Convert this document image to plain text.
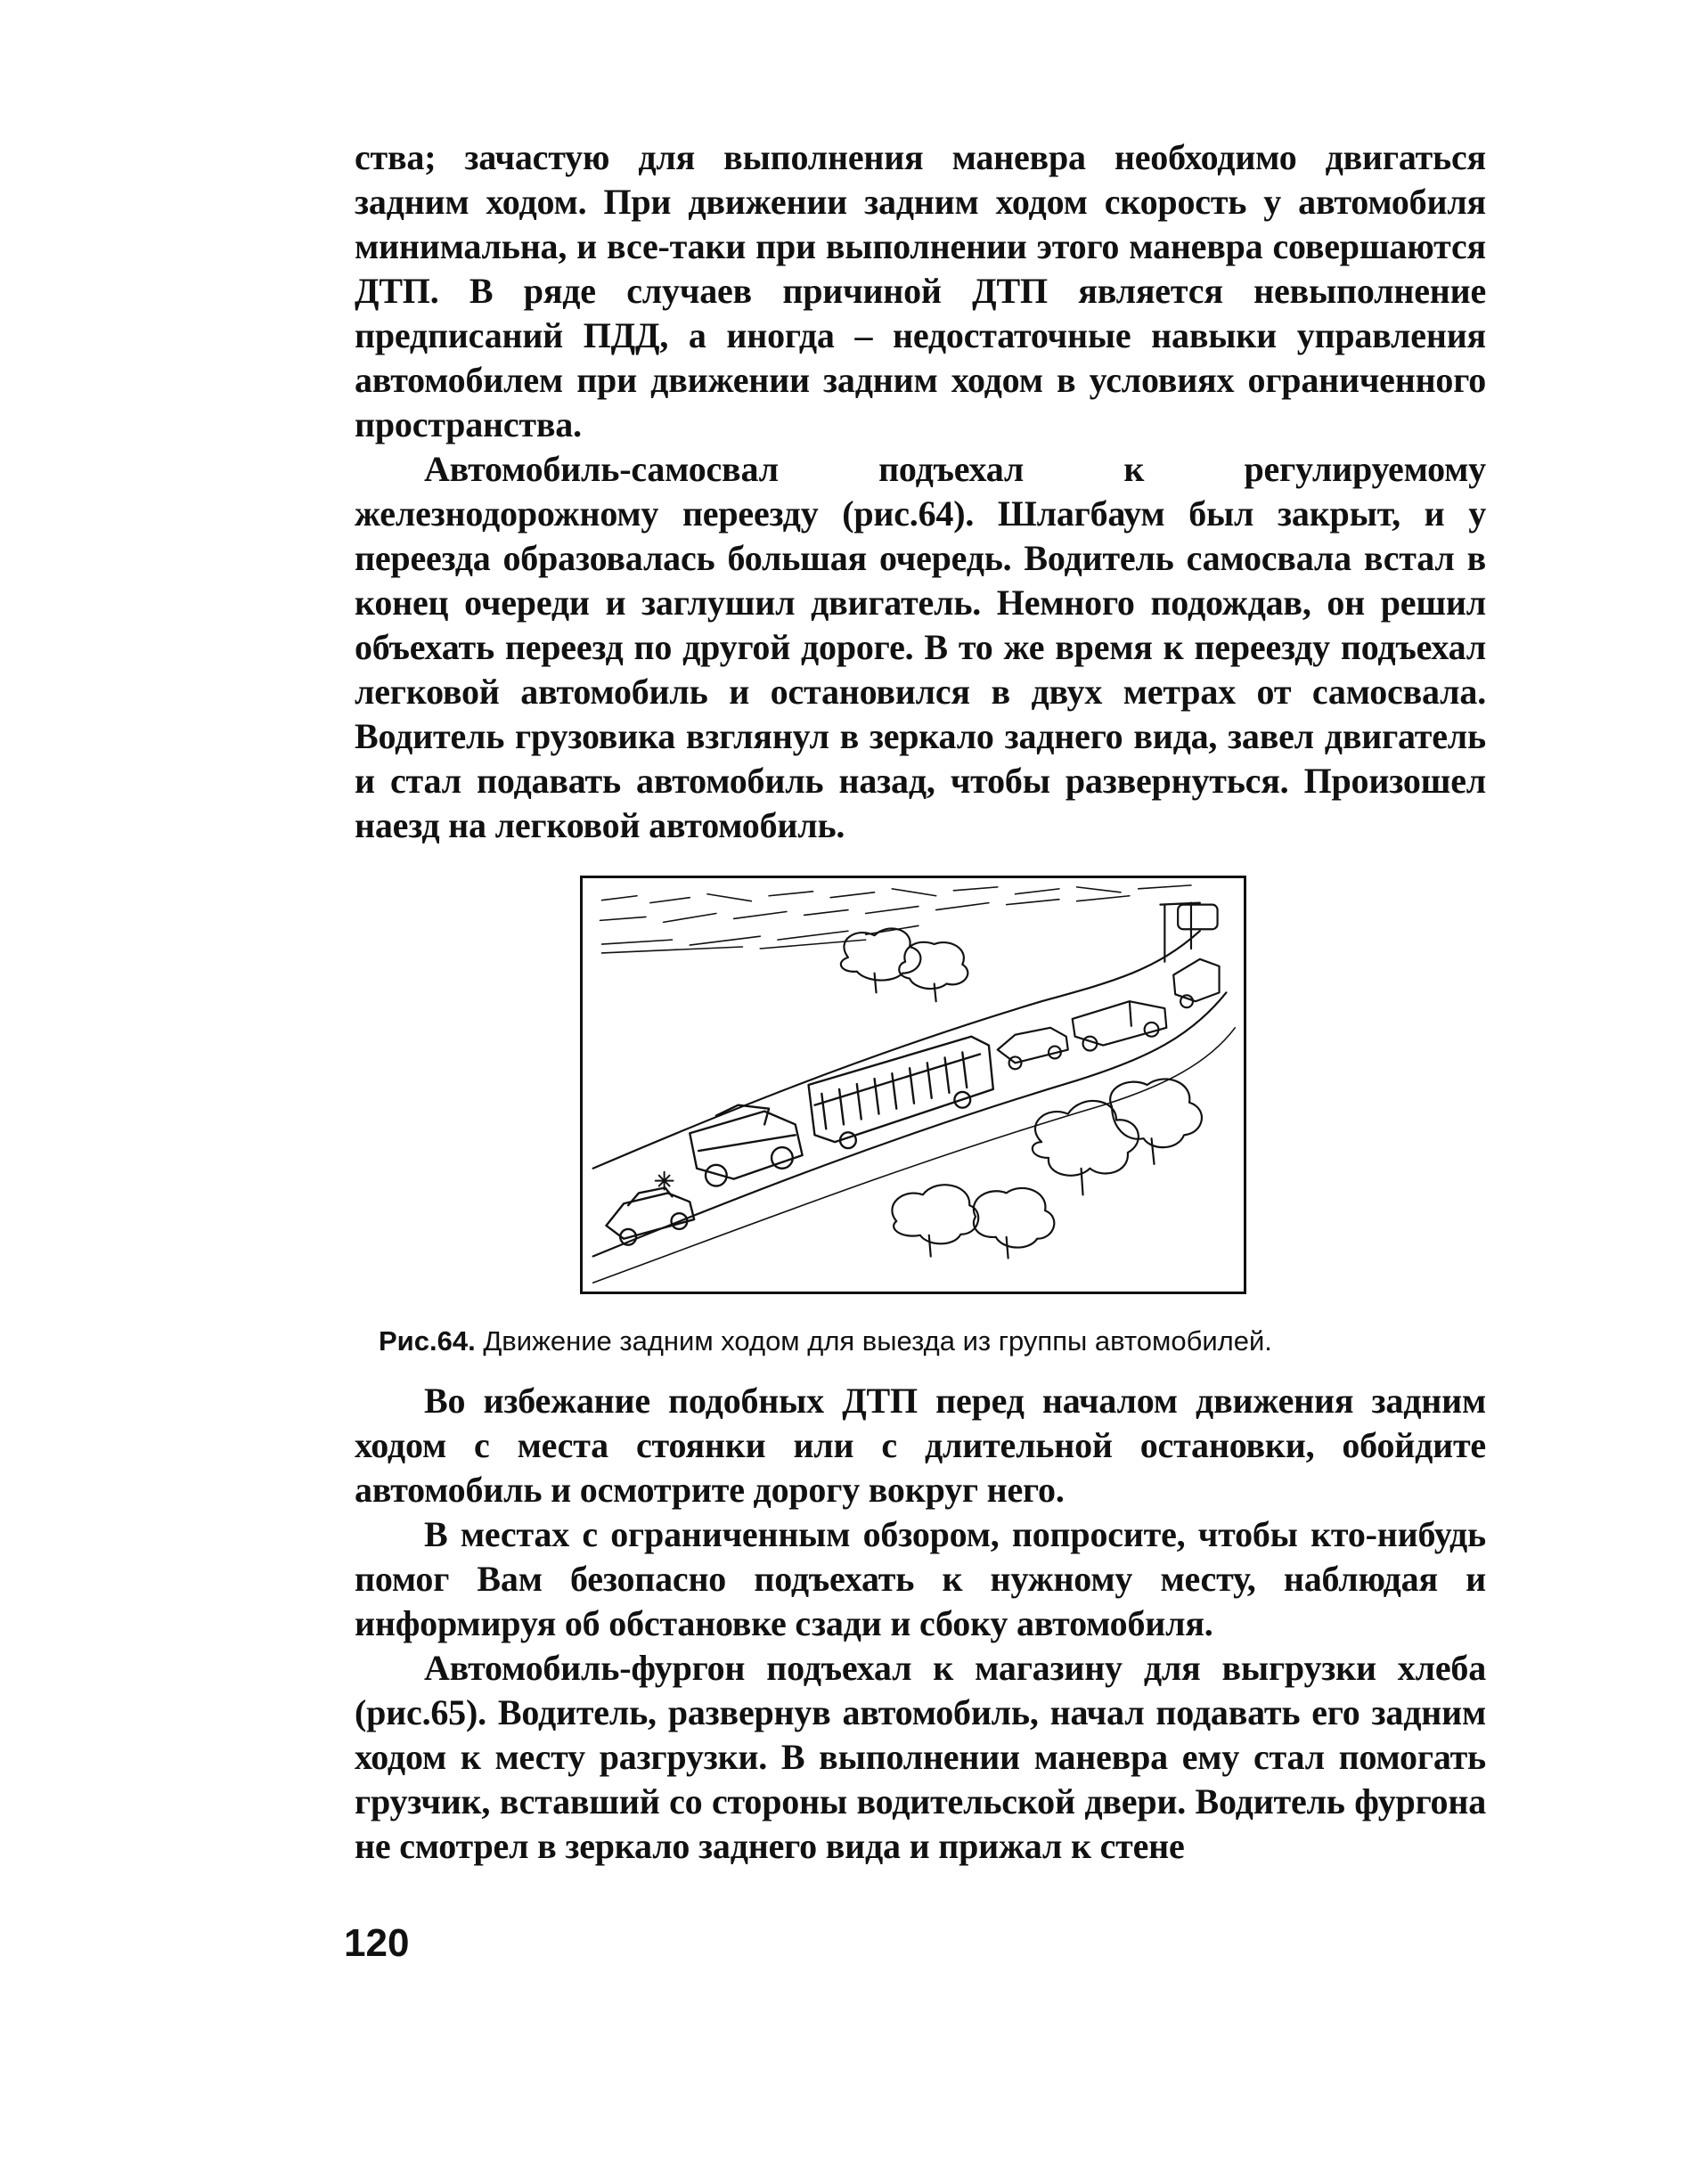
ства; зачастую для выполнения маневра необходимо двигаться задним ходом. При движении задним ходом скорость у автомобиля минимальна, и все-таки при выполнении этого маневра совершаются ДТП. В ряде случаев причиной ДТП является невыполнение предписаний ПДД, а иногда – недостаточные навыки управления автомобилем при движении задним ходом в условиях ограниченного пространства.

Автомобиль-самосвал подъехал к регулируемому железнодорожному переезду (рис.64). Шлагбаум был закрыт, и у переезда образовалась большая очередь. Водитель самосвала встал в конец очереди и заглушил двигатель. Немного подождав, он решил объехать переезд по другой дороге. В то же время к переезду подъехал легковой автомобиль и остановился в двух метрах от самосвала. Водитель грузовика взглянул в зеркало заднего вида, завел двигатель и стал подавать автомобиль назад, чтобы развернуться. Произошел наезд на легковой автомобиль.

Рис.64. Движение задним ходом для выезда из группы автомобилей.

Во избежание подобных ДТП перед началом движения задним ходом с места стоянки или с длительной остановки, обойдите автомобиль и осмотрите дорогу вокруг него.

В местах с ограниченным обзором, попросите, чтобы кто-нибудь помог Вам безопасно подъехать к нужному месту, наблюдая и информируя об обстановке сзади и сбоку автомобиля.

Автомобиль-фургон подъехал к магазину для выгрузки хлеба (рис.65). Водитель, развернув автомобиль, начал подавать его задним ходом к месту разгрузки. В выполнении маневра ему стал помогать грузчик, вставший со стороны водительской двери. Водитель фургона не смотрел в зеркало заднего вида и прижал к стене

120
